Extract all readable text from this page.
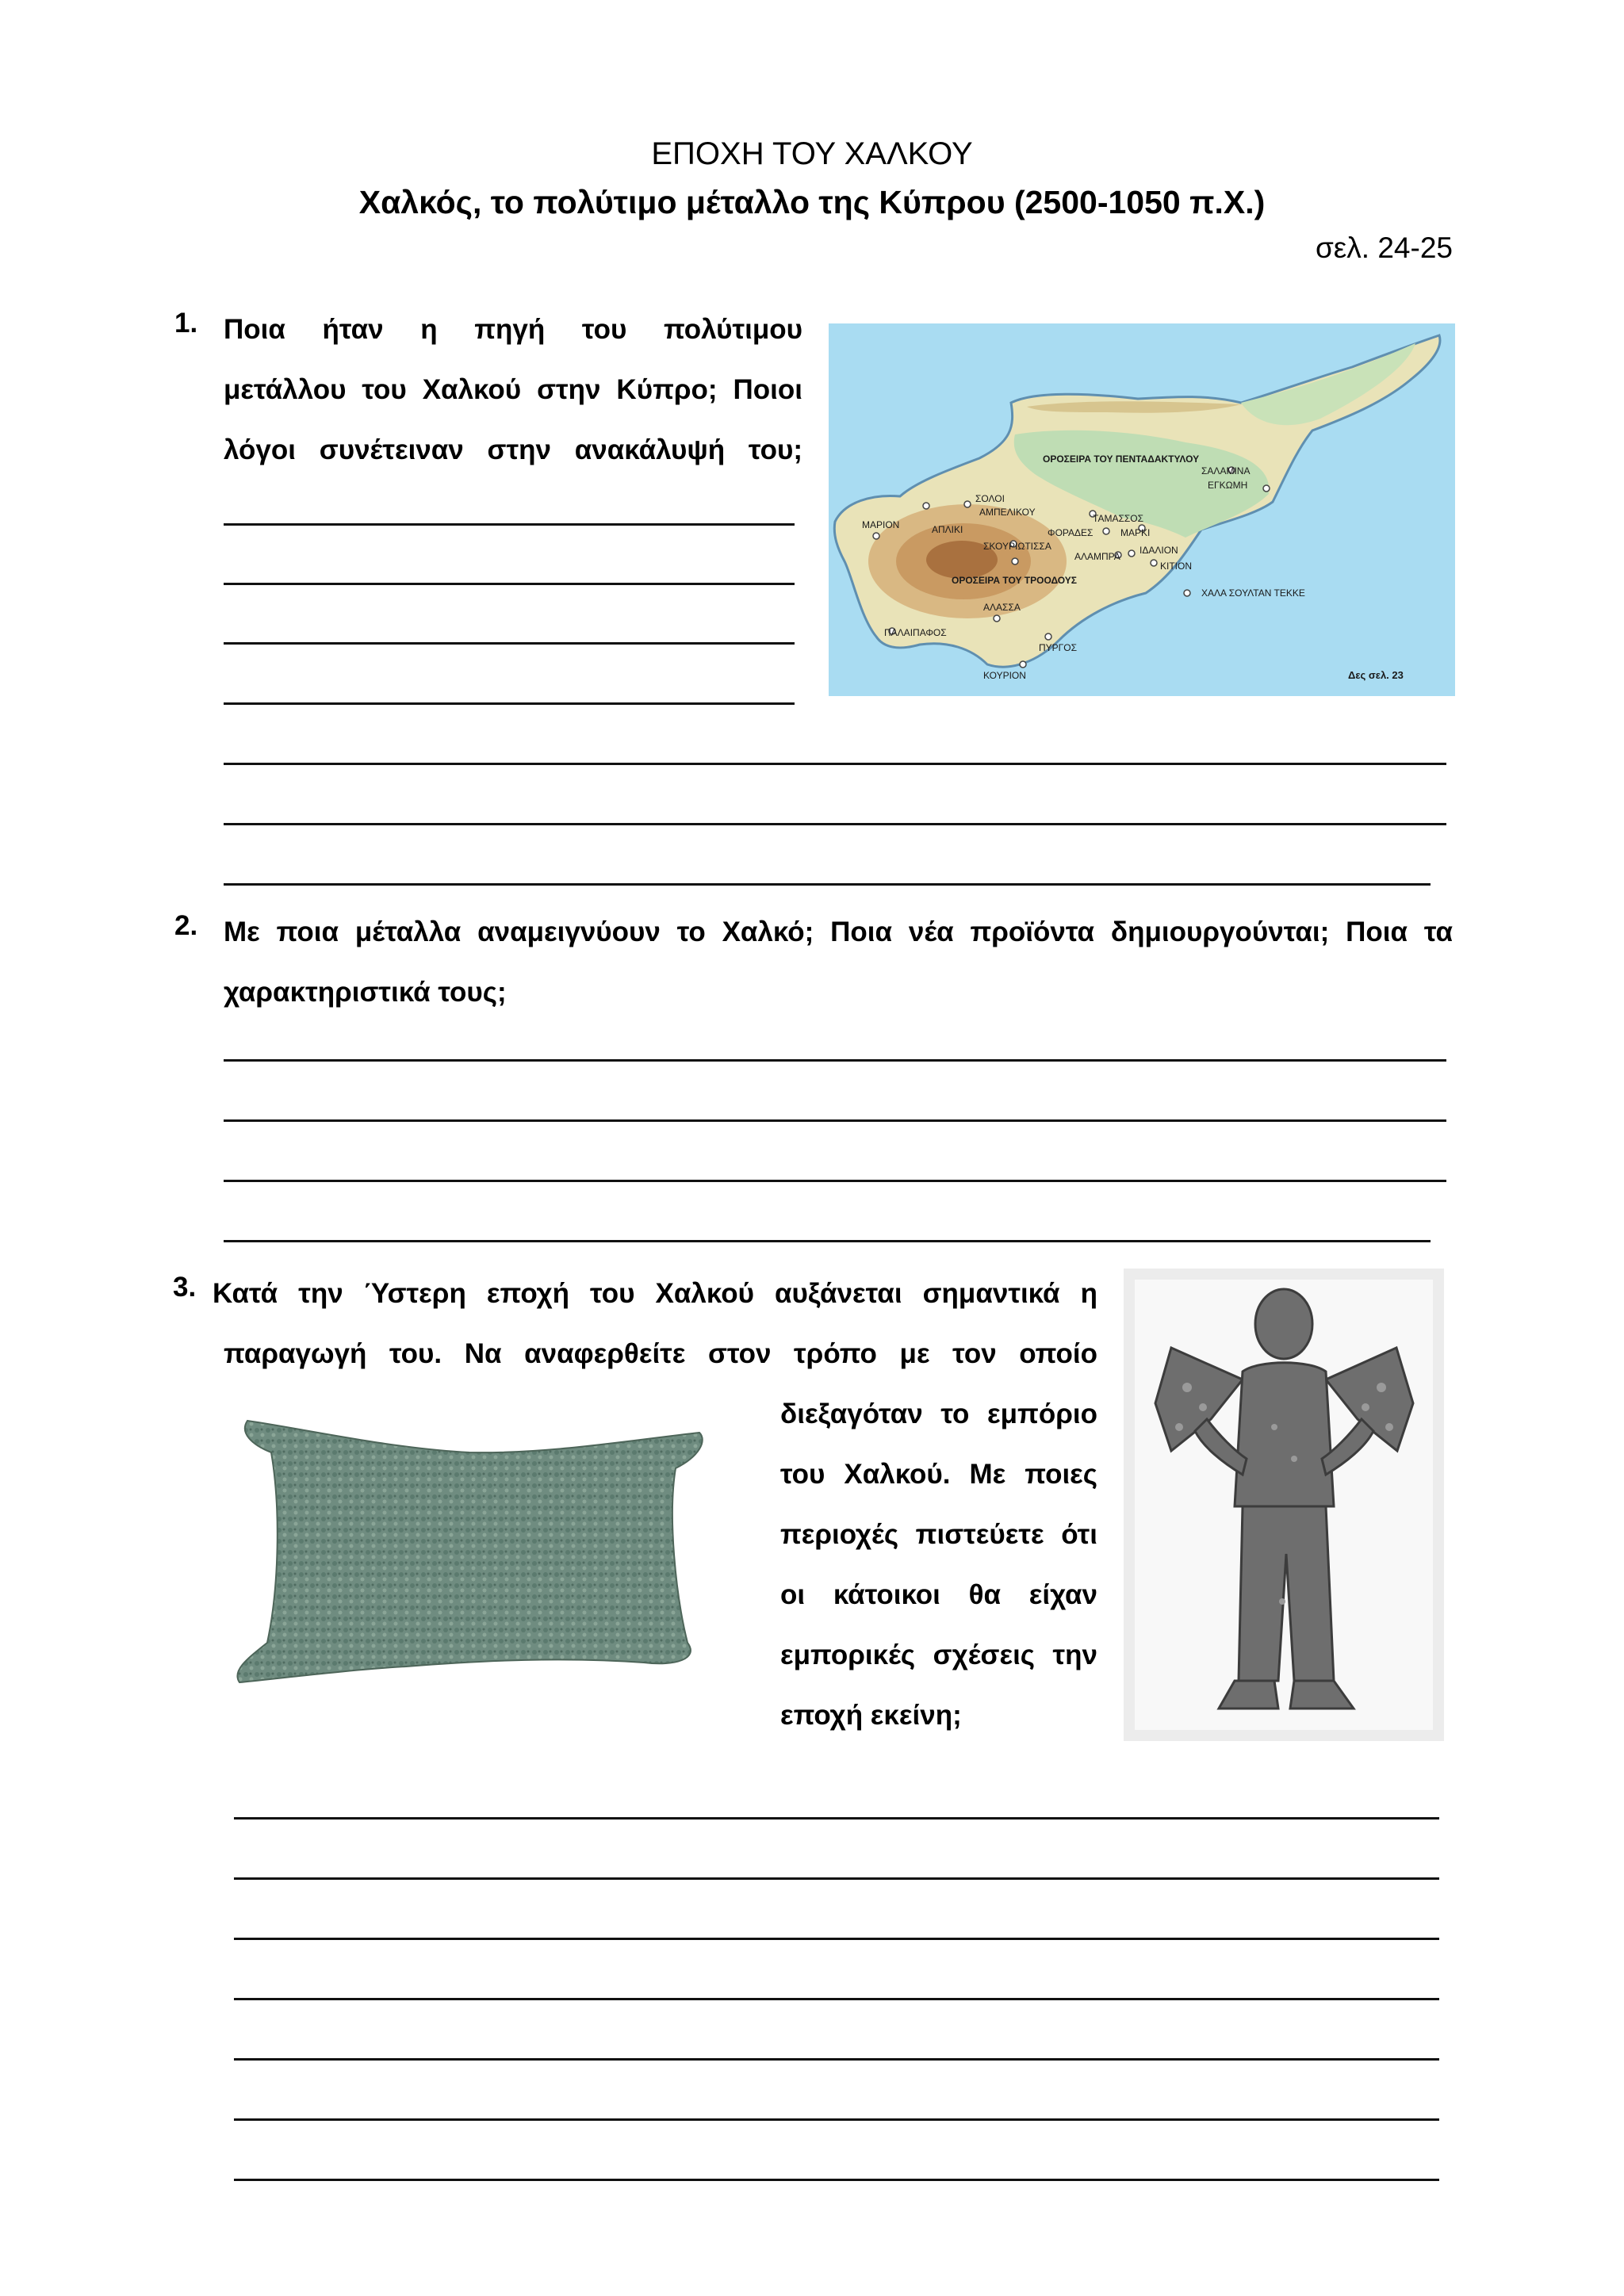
ΕΠΟΧΗ ΤΟΥ ΧΑΛΚΟΥ
Χαλκός, το πολύτιμο μέταλλο της Κύπρου (2500-1050 π.Χ.)
σελ. 24-25
1. Ποια ήταν η πηγή του πολύτιμου
μετάλλου του Χαλκού στην Κύπρο; Ποιοι
λόγοι συνέτειναν στην ανακάλυψή του;	ΟΡΟΣΕΙΡΑ ΤΟΥ ΠΕΝΤΑΔΑΚΤΥΛΟΥ
ΣΑΛΑΜΙΝΑ
ΕΓΚΩΜΗ
ΣΟΛΟΙ
ΑΜΠΕΛΙΚΟΥ
ΤΑΜΑΣΣΟΣ
ΜΑΡΙΟΝ	ΑΠΛΙΚΙ	ΦΟΡΑΔΕΣ	ΜΑΡΚΙ
ΣΚΟΥΡΙΩΤΙΣΣΑ	ΙΔΑΛΙΟΝ
ΑΛΑΜΠΡΑ
ΚΙΤΙΟΝ
ΟΡΟΣΕΙΡΑ ΤΟΥ ΤΡΟΟΔΟΥΣ
ΧΑΛΑ ΣΟΥΛΤΑΝ ΤΕΚΚΕ
ΑΛΑΣΣΑ
ΠΑΛΑΙΠΑΦΟΣ
ΠΥΡΓΟΣ
ΚΟΥΡΙΟΝ	Δες σελ. 23
2. Με ποια μέταλλα αναμειγνύουν το Χαλκό; Ποια νέα προϊόντα δημιουργούνται; Ποια τα
χαρακτηριστικά τους;
3. Κατά την Ύστερη εποχή του Χαλκού αυξάνεται σημαντικά η
παραγωγή του. Να αναφερθείτε στον τρόπο με τον οποίο
διεξαγόταν το εμπόριο
του Χαλκού. Με ποιες
περιοχές πιστεύετε ότι
οι κάτοικοι θα είχαν
εμπορικές σχέσεις την
εποχή εκείνη;
